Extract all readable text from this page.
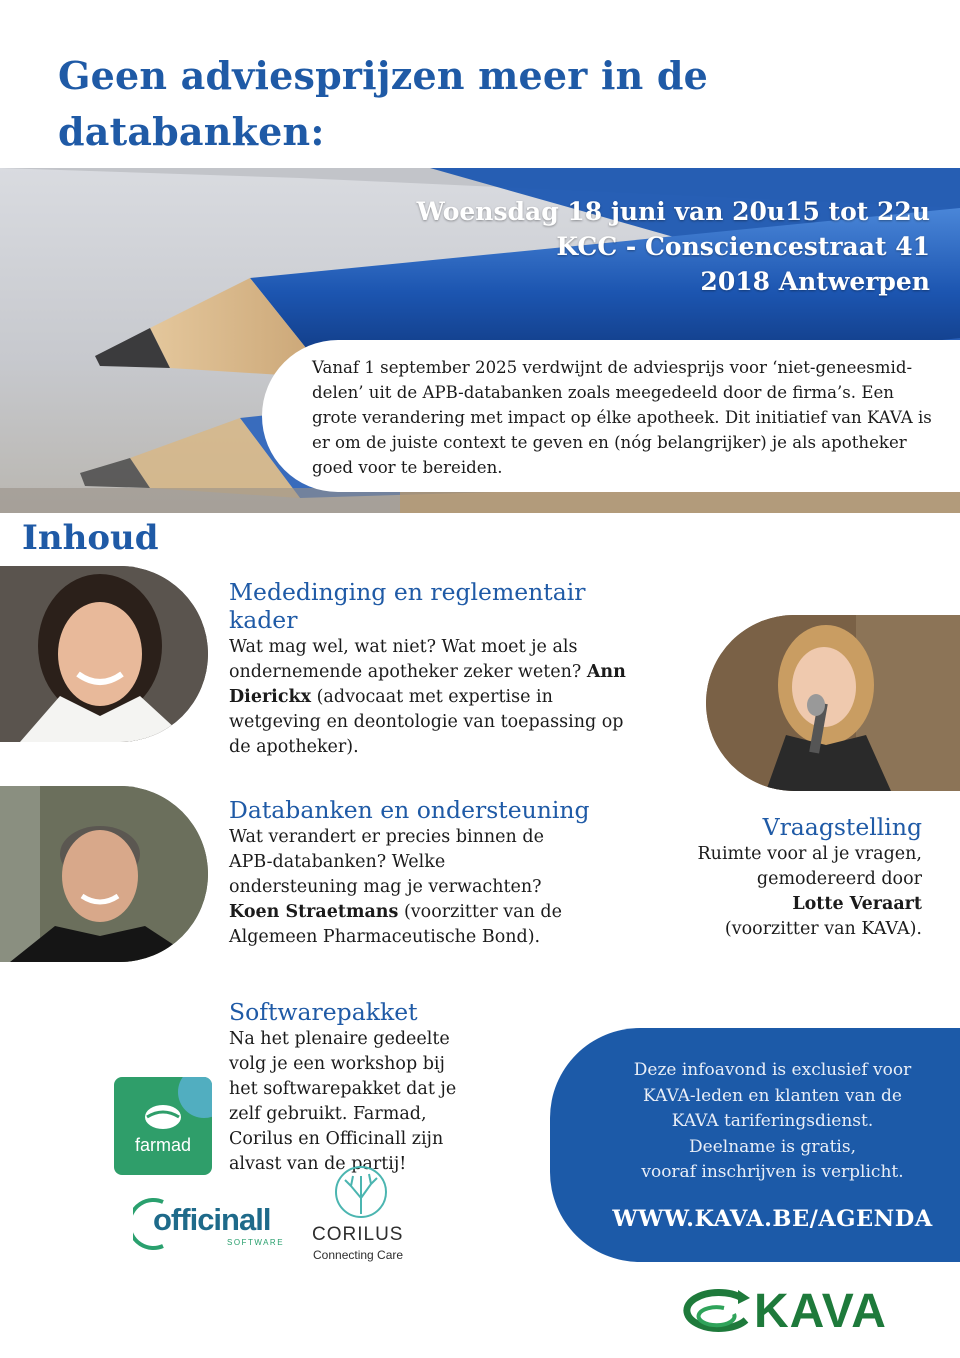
Geen adviesprijzen meer in de databanken:
Woensdag 18 juni van 20u15 tot 22u
KCC - Consciencestraat 41
2018 Antwerpen
Vanaf 1 september 2025 verdwijnt de adviesprijs voor ‘niet-geneesmid-delen’ uit de APB-databanken zoals meegedeeld door de firma’s. Een grote verandering met impact op élke apotheek. Dit initiatief van KAVA is er om de juiste context te geven en (nóg belangrijker) je als apotheker goed voor te bereiden.
Inhoud
Mededinging en reglementair kader
Wat mag wel, wat niet? Wat moet je als ondernemende apotheker zeker weten? Ann Dierickx (advocaat met expertise in wetgeving en deontologie van toepassing op de apotheker).
Databanken en ondersteuning
Wat verandert er precies binnen de APB-databanken? Welke ondersteuning mag je verwachten? Koen Straetmans (voorzitter van de Algemeen Pharmaceutische Bond).
Vraagstelling
Ruimte voor al je vragen,
gemodereerd door
Lotte Veraart
(voorzitter van KAVA).
Softwarepakket
Na het plenaire gedeelte volg je een workshop bij het softwarepakket dat je zelf gebruikt. Farmad, Corilus en Officinall zijn alvast van de partij!
farmad
officinall
SOFTWARE CORILUS
Connecting Care
Deze infoavond is exclusief voor
KAVA-leden en klanten van de
KAVA tariferingsdienst.
Deelname is gratis,
vooraf inschrijven is verplicht.
WWW.KAVA.BE/AGENDA
KAVA
